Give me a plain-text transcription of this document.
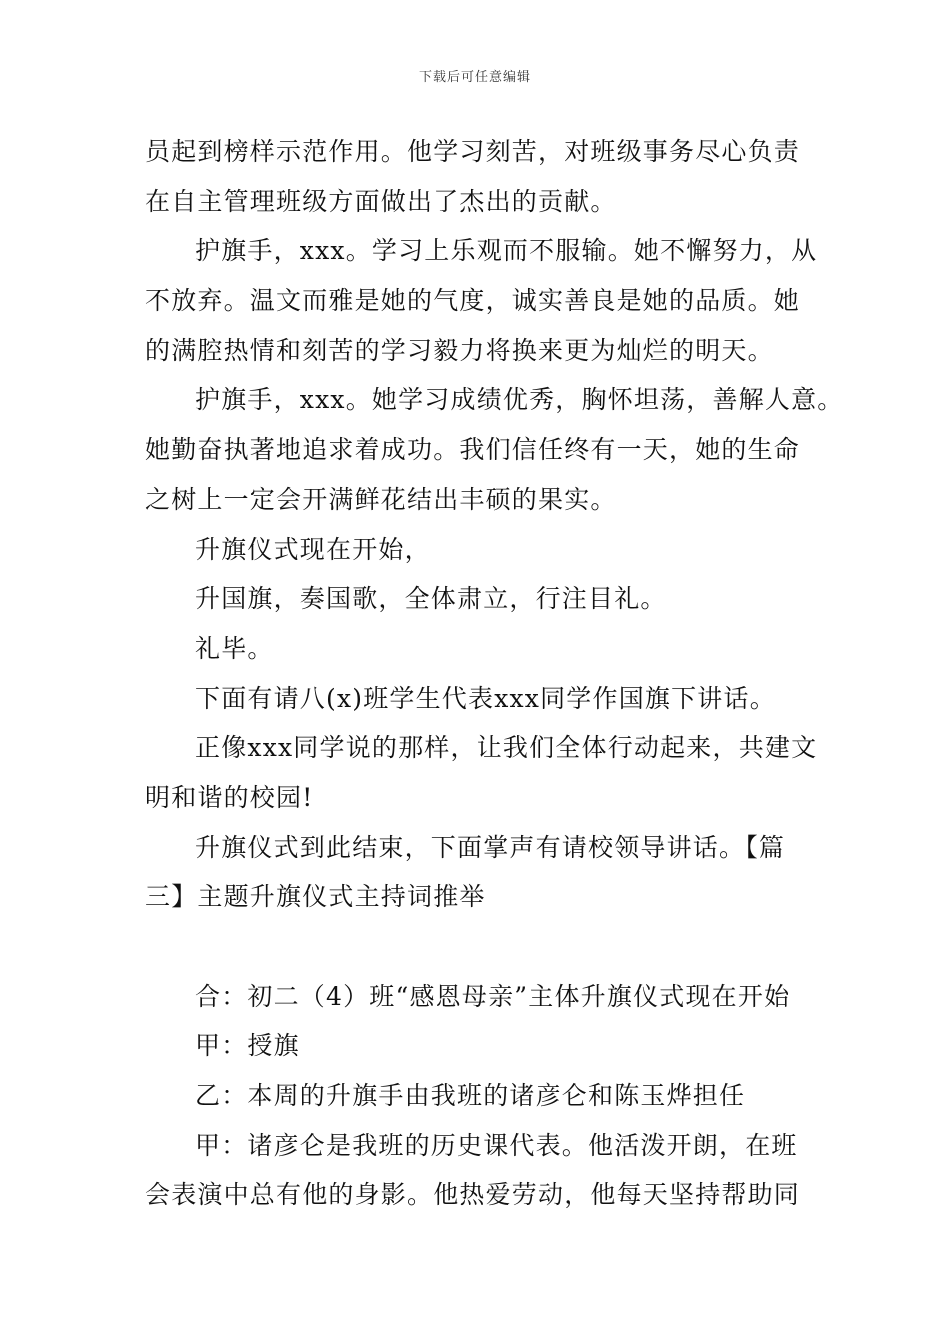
下载后可任意编辑
员起到榜样示范作用。他学习刻苦，对班级事务尽心负责
在自主管理班级方面做出了杰出的贡献。
护旗手，xxx。学习上乐观而不服输。她不懈努力，从
不放弃。温文而雅是她的气度，诚实善良是她的品质。她
的满腔热情和刻苦的学习毅力将换来更为灿烂的明天。
护旗手，xxx。她学习成绩优秀，胸怀坦荡，善解人意。
她勤奋执著地追求着成功。我们信任终有一天，她的生命
之树上一定会开满鲜花结出丰硕的果实。
升旗仪式现在开始，
升国旗，奏国歌，全体肃立，行注目礼。
礼毕。
下面有请八(x)班学生代表xxx同学作国旗下讲话。
正像xxx同学说的那样，让我们全体行动起来，共建文
明和谐的校园!
升旗仪式到此结束，下面掌声有请校领导讲话。【篇
三】主题升旗仪式主持词推举
合：初二（4）班“感恩母亲”主体升旗仪式现在开始
甲：授旗
乙：本周的升旗手由我班的诸彦仑和陈玉烨担任
甲：诸彦仑是我班的历史课代表。他活泼开朗，在班
会表演中总有他的身影。他热爱劳动，他每天坚持帮助同
